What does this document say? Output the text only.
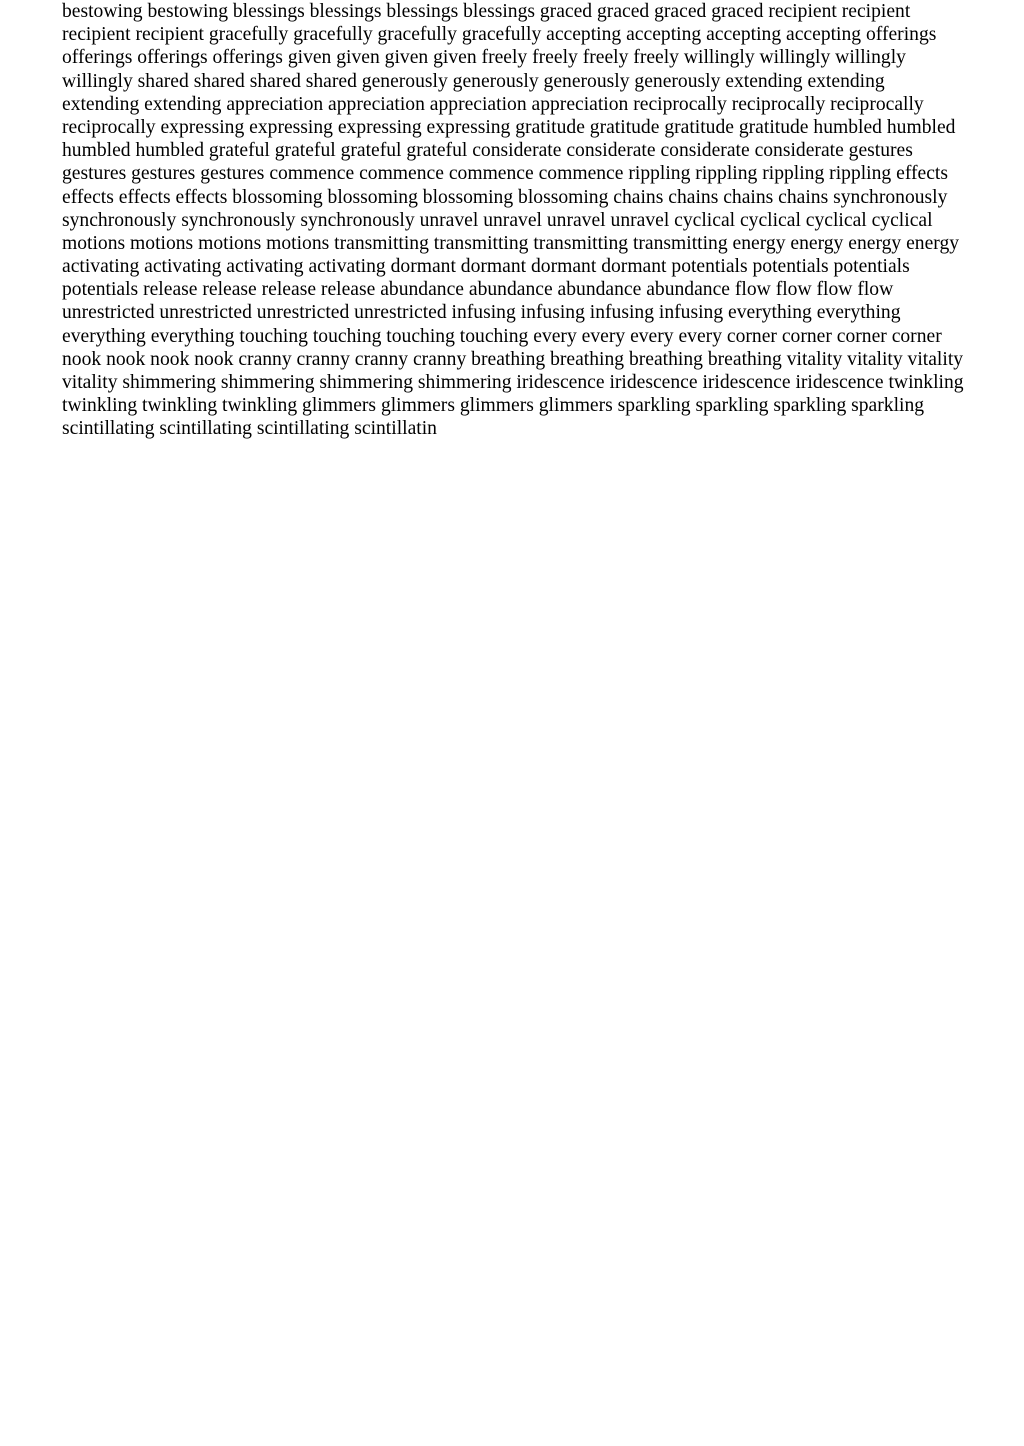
bestowing bestowing blessings blessings blessings blessings graced graced graced graced recipient recipient
recipient recipient gracefully gracefully gracefully gracefully accepting accepting accepting accepting offerings
offerings offerings offerings given given given given freely freely freely freely willingly willingly willingly
willingly shared shared shared shared generously generously generously generously extending extending
extending extending appreciation appreciation appreciation appreciation reciprocally reciprocally reciprocally
reciprocally expressing expressing expressing expressing gratitude gratitude gratitude gratitude humbled humbled
humbled humbled grateful grateful grateful grateful considerate considerate considerate considerate gestures
gestures gestures gestures commence commence commence commence rippling rippling rippling rippling effects
effects effects effects blossoming blossoming blossoming blossoming chains chains chains chains synchronously
synchronously synchronously synchronously unravel unravel unravel unravel cyclical cyclical cyclical cyclical
motions motions motions motions transmitting transmitting transmitting transmitting energy energy energy energy
activating activating activating activating dormant dormant dormant dormant potentials potentials potentials
potentials release release release release abundance abundance abundance abundance flow flow flow flow
unrestricted unrestricted unrestricted unrestricted infusing infusing infusing infusing everything everything
everything everything touching touching touching touching every every every every corner corner corner corner
nook nook nook nook cranny cranny cranny cranny breathing breathing breathing breathing vitality vitality vitality
vitality shimmering shimmering shimmering shimmering iridescence iridescence iridescence iridescence twinkling
twinkling twinkling twinkling glimmers glimmers glimmers glimmers sparkling sparkling sparkling sparkling
scintillating scintillating scintillating scintillatin
